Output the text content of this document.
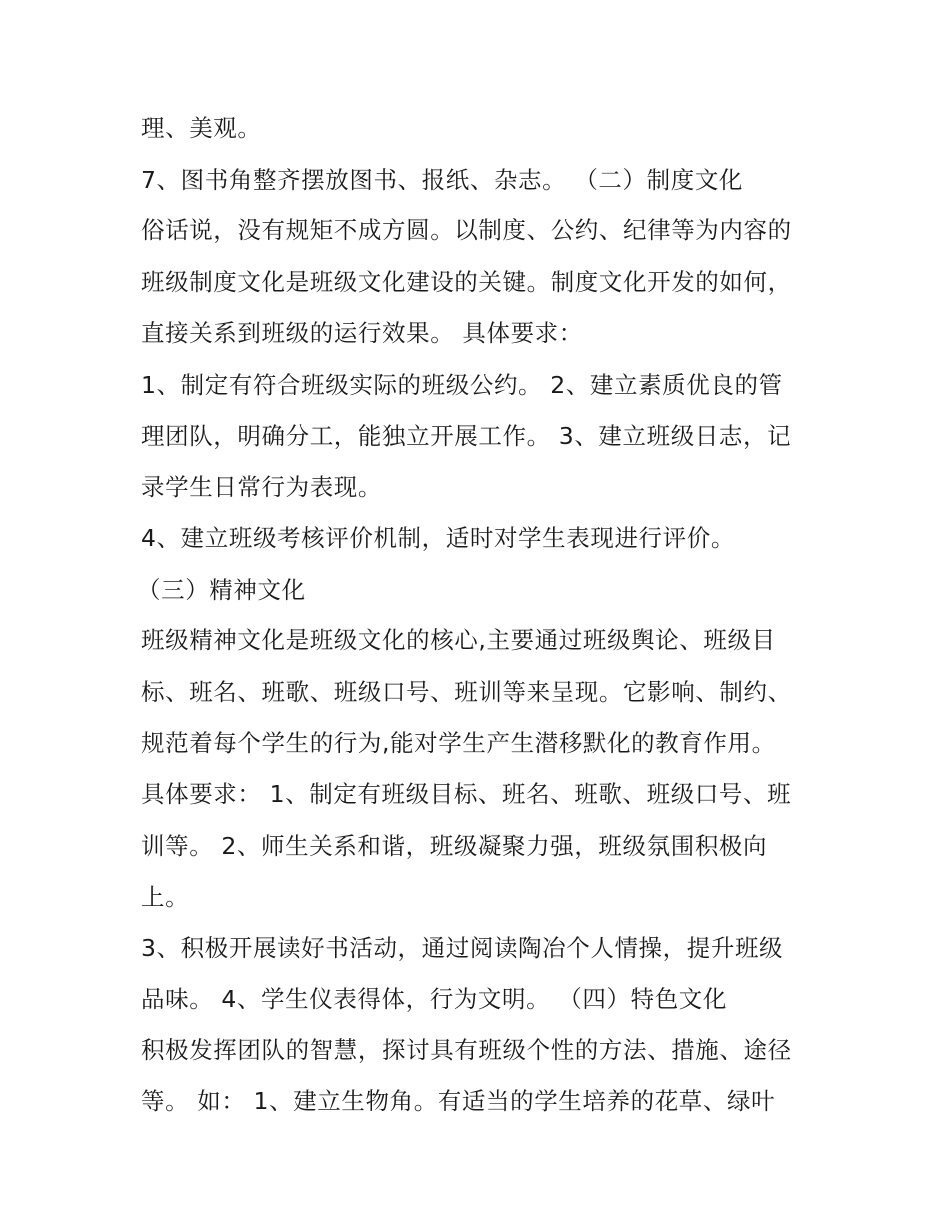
理、美观。
7、图书角整齐摆放图书、报纸、杂志。 （二）制度文化
俗话说，没有规矩不成方圆。以制度、公约、纪律等为内容的
班级制度文化是班级文化建设的关键。制度文化开发的如何，
直接关系到班级的运行效果。 具体要求：
1、制定有符合班级实际的班级公约。 2、建立素质优良的管
理团队，明确分工，能独立开展工作。 3、建立班级日志，记
录学生日常行为表现。
4、建立班级考核评价机制，适时对学生表现进行评价。
（三）精神文化
班级精神文化是班级文化的核心,主要通过班级舆论、班级目
标、班名、班歌、班级口号、班训等来呈现。它影响、制约、
规范着每个学生的行为,能对学生产生潜移默化的教育作用。
具体要求： 1、制定有班级目标、班名、班歌、班级口号、班
训等。 2、师生关系和谐，班级凝聚力强，班级氛围积极向
上。
3、积极开展读好书活动，通过阅读陶冶个人情操，提升班级
品味。 4、学生仪表得体，行为文明。 （四）特色文化
积极发挥团队的智慧，探讨具有班级个性的方法、措施、途径
等。 如： 1、建立生物角。有适当的学生培养的花草、绿叶
